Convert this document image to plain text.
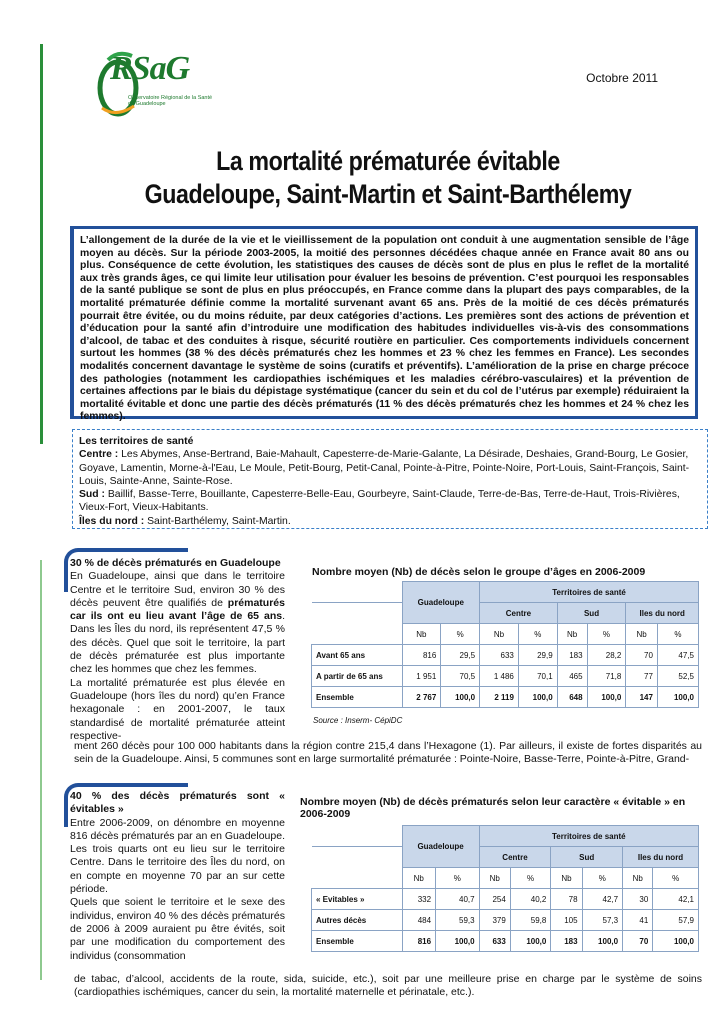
RSaG
Observatoire Régional de la Santé de Guadeloupe
Octobre 2011
La mortalité prématurée évitable
Guadeloupe, Saint-Martin et Saint-Barthélemy
L’allongement de la durée de la vie et le vieillissement de la population ont conduit à une augmentation sensible de l’âge moyen au décès. Sur la période 2003-2005, la moitié des personnes décédées chaque année en France avait 80 ans ou plus. Conséquence de cette évolution, les statistiques des causes de décès sont de plus en plus le reflet de la mortalité aux très grands âges, ce qui limite leur utilisation pour évaluer les besoins de prévention. C’est pourquoi les responsables de la santé publique se sont de plus en plus préoccupés, en France comme dans la plupart des pays comparables, de la mortalité prématurée définie comme la mortalité survenant avant 65 ans. Près de la moitié de ces décès prématurés pourrait être évitée, ou du moins réduite, par deux catégories d’actions. Les premières sont des actions de prévention et d’éducation pour la santé afin d’introduire une modification des habitudes individuelles vis-à-vis des consommations d’alcool, de tabac et des conduites à risque, sécurité routière en particulier. Ces comportements individuels concernent surtout les hommes (38 % des décès prématurés chez les hommes et 23 % chez les femmes en France). Les secondes modalités concernent davantage le système de soins (curatifs et préventifs). L’amélioration de la prise en charge précoce des pathologies (notamment les cardiopathies ischémiques et les maladies cérébro-vasculaires) et la prévention de certaines affections par le biais du dépistage systématique (cancer du sein et du col de l’utérus par exemple) réduiraient la mortalité évitable et donc une partie des décès prématurés (11 % des décès prématurés chez les hommes et 24 % chez les femmes).
Les territoires de santé
Centre : Les Abymes, Anse-Bertrand, Baie-Mahault, Capesterre-de-Marie-Galante, La Désirade, Deshaies, Grand-Bourg, Le Gosier, Goyave, Lamentin, Morne-à-l'Eau, Le Moule, Petit-Bourg, Petit-Canal, Pointe-à-Pitre, Pointe-Noire, Port-Louis, Saint-François, Saint-Louis, Sainte-Anne, Sainte-Rose.
Sud : Baillif, Basse-Terre, Bouillante, Capesterre-Belle-Eau, Gourbeyre, Saint-Claude, Terre-de-Bas, Terre-de-Haut, Trois-Rivières, Vieux-Fort, Vieux-Habitants.
Îles du nord : Saint-Barthélemy, Saint-Martin.
30 % de décès prématurés en Guadeloupe
En Guadeloupe, ainsi que dans le territoire Centre et le territoire Sud, environ 30 % des décès peuvent être qualifiés de prématurés car ils ont eu lieu avant l’âge de 65 ans. Dans les Îles du nord, ils représentent 47,5 % des décès. Quel que soit le territoire, la part de décès prématurée est plus importante chez les hommes que chez les femmes.
La mortalité prématurée est plus élevée en Guadeloupe (hors îles du nord) qu’en France hexagonale : en 2001-2007, le taux standardisé de mortalité prématurée atteint respective-
ment 260 décès pour 100 000 habitants dans la région contre 215,4 dans l’Hexagone (1). Par ailleurs, il existe de fortes disparités au sein de la Guadeloupe. Ainsi, 5 communes sont en large surmortalité prématurée : Pointe-Noire, Basse-Terre, Pointe-à-Pitre, Grand-
Nombre moyen (Nb) de décès selon le groupe d’âges en 2006-2009
	Guadeloupe		Territoires de santé					
			Centre		Sud		Iles du nord	
	Nb	%	Nb	%	Nb	%	Nb	%
Avant 65 ans	816	29,5	633	29,9	183	28,2	70	47,5
A partir de 65 ans	1 951	70,5	1 486	70,1	465	71,8	77	52,5
Ensemble	2 767	100,0	2 119	100,0	648	100,0	147	100,0
Source : Inserm- CépiDC
40 % des décès prématurés sont « évitables »
Entre 2006-2009, on dénombre en moyenne 816 décès prématurés par an en Guadeloupe. Les trois quarts ont eu lieu sur le territoire Centre. Dans le territoire des Îles du nord, on en compte en moyenne 70 par an sur cette période.
Quels que soient le territoire et le sexe des individus, environ 40 % des décès prématurés de 2006 à 2009 auraient pu être évités, soit par une modification du comportement des individus (consommation
de tabac, d’alcool, accidents de la route, sida, suicide, etc.), soit par une meilleure prise en charge par le système de soins (cardiopathies ischémiques, cancer du sein, la mortalité maternelle et périnatale, etc.).
Nombre moyen (Nb) de décès prématurés selon leur caractère « évitable » en 2006-2009
	Guadeloupe		Territoires de santé					
			Centre		Sud		Iles du nord	
	Nb	%	Nb	%	Nb	%	Nb	%
« Evitables »	332	40,7	254	40,2	78	42,7	30	42,1
Autres décès	484	59,3	379	59,8	105	57,3	41	57,9
Ensemble	816	100,0	633	100,0	183	100,0	70	100,0
